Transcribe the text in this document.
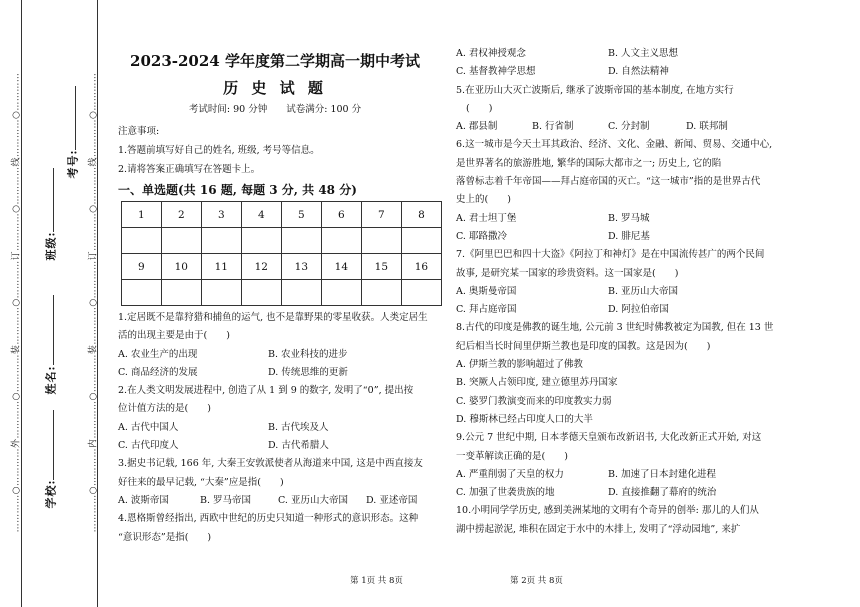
…………○…………外…………○…………装…………○…………订…………○…………线…………○…………	…………○…………内…………○…………装…………○…………订…………○…………线…………○…………
学校:
姓名:
班级:
考号:
2023-2024 学年度第二学期高一期中考试
历 史 试 题
考试时间: 90 分钟 试卷满分: 100 分
注意事项:
1.答题前填写好自己的姓名, 班级, 考号等信息。
2.请将答案正确填写在答题卡上。
一、单选题(共 16 题, 每题 3 分, 共 48 分)
1	2	3	4	5	6	7	8

9	10	11	12	13	14	15	16

1.定居既不是靠狩猎和捕鱼的运气, 也不是靠野果的零星收获。人类定居生
活的出现主要是由于(　　)
A. 农业生产的出现	B. 农业科技的进步
C. 商品经济的发展	D. 传统思维的更新
2.在人类文明发展进程中, 创造了从 1 到 9 的数字, 发明了“0”, 提出按
位计值方法的是(　　)
A. 古代中国人	B. 古代埃及人
C. 古代印度人	D. 古代希腊人
3.据史书记载, 166 年, 大秦王安敦派使者从海道来中国, 这是中西直接友
好往来的最早记载, “大秦”应是指(　　)
A. 波斯帝国	B. 罗马帝国	C. 亚历山大帝国 D. 亚述帝国
4.恩格斯曾经指出, 西欧中世纪的历史只知道一种形式的意识形态。这种
“意识形态”是指(　　)
第 1页 共 8页
A. 君权神授观念	B. 人文主义思想
C. 基督教神学思想	D. 自然法精神
5.在亚历山大灭亡波斯后, 继承了波斯帝国的基本制度, 在地方实行
(　　)
A. 郡县制	B. 行省制	C. 分封制	D. 联邦制
6.这一城市是今天土耳其政治、经济、文化、金融、新闻、贸易、交通中心,
是世界著名的旅游胜地, 繁华的国际大都市之一; 历史上, 它的陷
落曾标志着千年帝国——拜占庭帝国的灭亡。“这一城市”指的是世界古代
史上的(　　)
A. 君士坦丁堡	B. 罗马城
C. 耶路撒冷	D. 腓尼基
7.《阿里巴巴和四十大盗》《阿拉丁和神灯》是在中国流传甚广的两个民间
故事, 是研究某一国家的珍贵资料。这一国家是(　　)
A. 奥斯曼帝国	B. 亚历山大帝国
C. 拜占庭帝国	D. 阿拉伯帝国
8.古代的印度是佛教的诞生地, 公元前 3 世纪时佛教被定为国教, 但在 13 世
纪后相当长时间里伊斯兰教也是印度的国教。这是因为(　　)
A. 伊斯兰教的影响超过了佛教
B. 突厥人占领印度, 建立德里苏丹国家
C. 婆罗门教演变而来的印度教实力弱
D. 穆斯林已经占印度人口的大半
9.公元 7 世纪中期, 日本孝德天皇颁布改新诏书, 大化改新正式开始, 对这
一变革解读正确的是(　　)
A. 严重削弱了天皇的权力	B. 加速了日本封建化进程
C. 加强了世袭贵族的地	D. 直接推翻了幕府的统治
10.小明同学学历史, 感到美洲某地的文明有个奇异的创举: 那儿的人们从
湖中捞起淤泥, 堆积在固定于水中的木排上, 发明了“浮动园地”, 来扩
第 2页 共 8页
